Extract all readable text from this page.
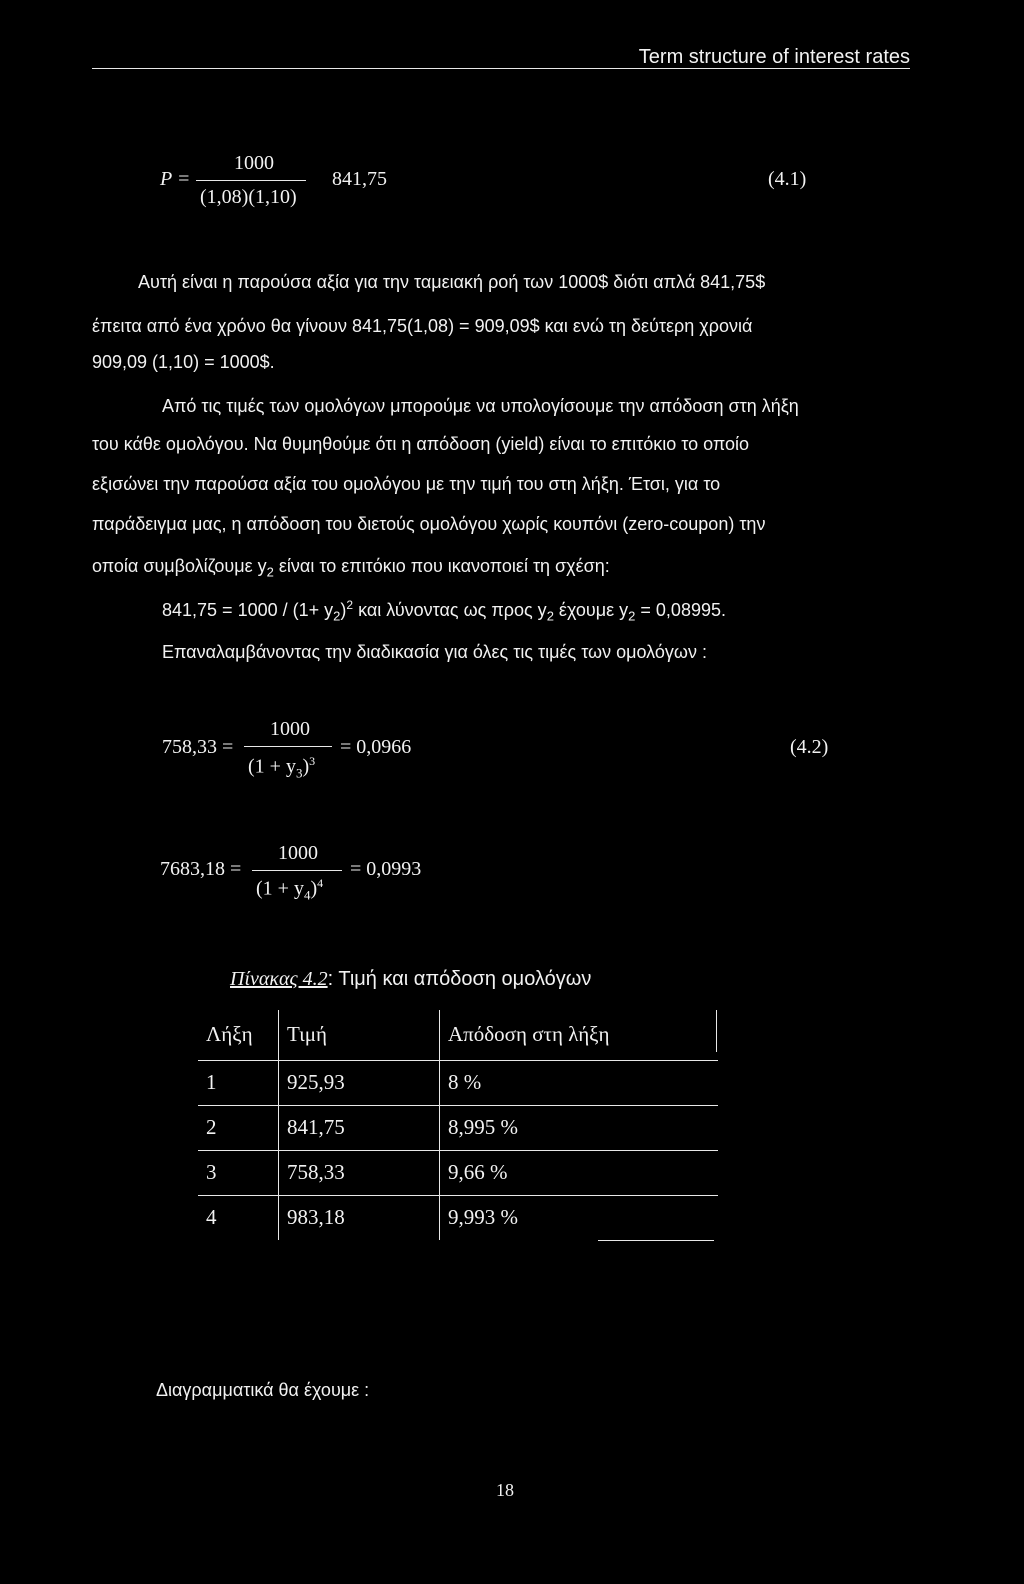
Term structure of interest rates
P =
1000
(1,08)(1,10)
841,75	(4.1)
Αυτή είναι η παρούσα αξία για την ταμειακή ροή των 1000$ διότι απλά 841,75$
έπειτα από ένα χρόνο θα γίνουν 841,75(1,08) = 909,09$ και ενώ τη δεύτερη χρονιά
909,09 (1,10) = 1000$.
Από τις τιμές των ομολόγων μπορούμε να υπολογίσουμε την απόδοση στη λήξη
του κάθε ομολόγου. Να θυμηθούμε ότι η απόδοση (yield) είναι το επιτόκιο το οποίο
εξισώνει την παρούσα αξία του ομολόγου με την τιμή του στη λήξη. Έτσι, για το
παράδειγμα μας, η απόδοση του διετούς ομολόγου χωρίς κουπόνι (zero-coupon) την
οποία συμβολίζουμε $y_2$ είναι το επιτόκιο που ικανοποιεί τη σχέση:
$841,75 = 1000 / (1+ y_2)^2$ και λύνοντας ως προς $y_2$ έχουμε $y_2 = 0,08995$.
Επαναλαμβάνοντας την διαδικασία για όλες τις τιμές των ομολόγων :
758,33 =
1000
$(1 + y_3)^3$
= 0,0966	(4.2)
7683,18 =
1000
$(1 + y_4)^4$
= 0,0993
Πίνακας 4.2: Τιμή και απόδοση ομολόγων
Λήξη	Τιμή	Απόδοση στη λήξη
1	925,93	8 %
2	841,75	8,995 %
3	758,33	9,66 %
4	983,18	9,993 %
Διαγραμματικά θα έχουμε :
18
